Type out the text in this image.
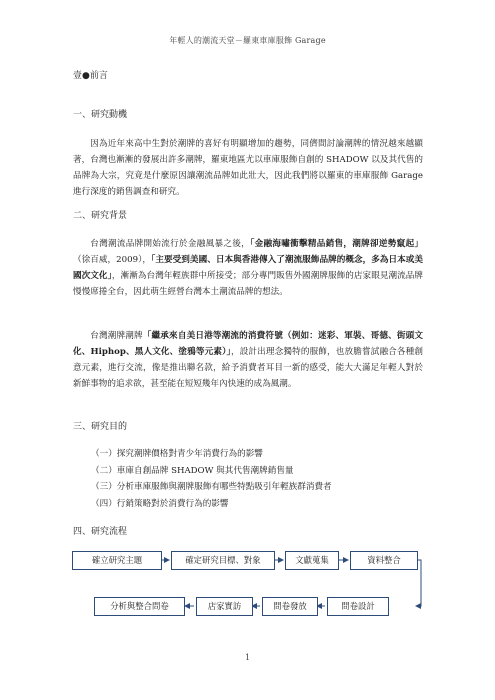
年輕人的潮流天堂－羅東車庫服飾 Garage
壹●前言
一、研究動機
因為近年來高中生對於潮牌的喜好有明顯增加的趨勢，同儕間討論潮牌的情況越來越顯著，台灣也漸漸的發展出許多潮牌，羅東地區尤以車庫服飾自創的 SHADOW 以及其代售的品牌為大宗，究竟是什麼原因讓潮流品牌如此壯大，因此我們將以羅東的車庫服飾 Garage 進行深度的銷售調查和研究。
二、研究背景
台灣潮流品牌開始流行於金融風暴之後，「金融海嘯衝擊精品銷售，潮牌卻逆勢竄起」（徐百威，2009），「主要受到美國、日本與香港傳入了潮流服飾品牌的概念，多為日本或美國次文化」，漸漸為台灣年輕族群中所接受；部分專門販售外國潮牌服飾的店家眼見潮流品牌慢慢席捲全台，因此萌生經營台灣本土潮流品牌的想法。
台灣潮牌潮牌「繼承來自美日港等潮流的消費符號（例如：迷彩、軍裝、哥德、街頭文化、Hiphop、黑人文化、塗鴉等元素）」，設計出理念獨特的服飾，也放膽嘗試融合各種創意元素，進行交流，像是推出聯名款，給予消費者耳目一新的感受，能大大滿足年輕人對於新鮮事物的追求欲，甚至能在短短幾年內快速的成為風潮。
三、研究目的
（一）探究潮牌價格對青少年消費行為的影響
（二）車庫自創品牌 SHADOW 與其代售潮牌銷售量
（三）分析車庫服飾與潮牌服飾有哪些特點吸引年輕族群消費者
（四）行銷策略對於消費行為的影響
四、研究流程
確立研究主題	確定研究目標、對象	文獻蒐集	資料整合
分析與整合問卷	店家實訪	問卷發放	問卷設計
1
